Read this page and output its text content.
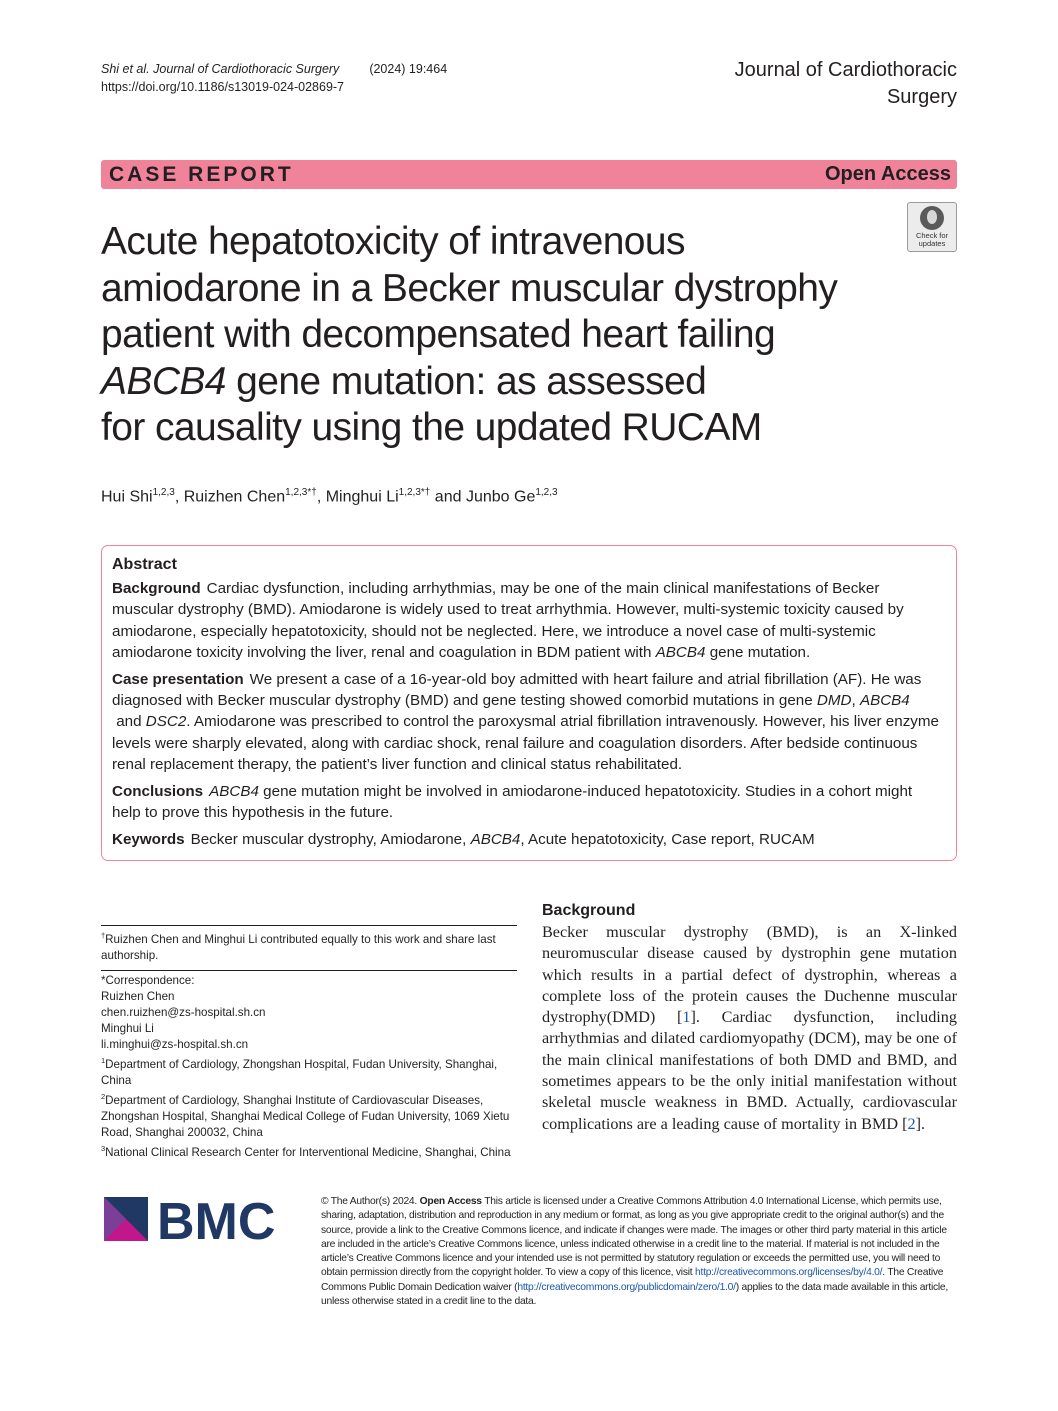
Shi et al. Journal of Cardiothoracic Surgery (2024) 19:464
https://doi.org/10.1186/s13019-024-02869-7
Journal of Cardiothoracic
Surgery
CASE REPORT	Open Access
Check for
updates
Acute hepatotoxicity of intravenous
amiodarone in a Becker muscular dystrophy
patient with decompensated heart failing
ABCB4 gene mutation: as assessed
for causality using the updated RUCAM
Hui Shi$^{1,2,3}$, Ruizhen Chen$^{1,2,3*\dagger}$, Minghui $Li^{1,2,3*\dagger}$ and Junbo Ge$^{1,2,3}$
Abstract

Background Cardiac dysfunction, including arrhythmias, may be one of the main clinical manifestations of Becker muscular dystrophy (BMD). Amiodarone is widely used to treat arrhythmia. However, multi-systemic toxicity caused by amiodarone, especially hepatotoxicity, should not be neglected. Here, we introduce a novel case of multi-systemic amiodarone toxicity involving the liver, renal and coagulation in BDM patient with ABCB4 gene mutation.

Case presentation We present a case of a 16-year-old boy admitted with heart failure and atrial fibrillation (AF). He was diagnosed with Becker muscular dystrophy (BMD) and gene testing showed comorbid mutations in gene DMD, ABCB4 and DSC2. Amiodarone was prescribed to control the paroxysmal atrial fibrillation intravenously. However, his liver enzyme levels were sharply elevated, along with cardiac shock, renal failure and coagulation disorders. After bedside continuous renal replacement therapy, the patient’s liver function and clinical status rehabilitated.

Conclusions ABCB4 gene mutation might be involved in amiodarone-induced hepatotoxicity. Studies in a cohort might help to prove this hypothesis in the future.

Keywords Becker muscular dystrophy, Amiodarone, ABCB4, Acute hepatotoxicity, Case report, RUCAM

†Ruizhen Chen and Minghui Li contributed equally to this work and share last authorship.
*Correspondence:
Ruizhen Chen
chen.ruizhen@zs-hospital.sh.cn
Minghui Li
li.minghui@zs-hospital.sh.cn
$^1$Department of Cardiology, Zhongshan Hospital, Fudan University, Shanghai, China
$^2$Department of Cardiology, Shanghai Institute of Cardiovascular Diseases, Zhongshan Hospital, Shanghai Medical College of Fudan University, 1069 Xietu Road, Shanghai 200032, China
$^3$National Clinical Research Center for Interventional Medicine, Shanghai, China
Background

Becker muscular dystrophy (BMD), is an X-linked neuromuscular disease caused by dystrophin gene mutation which results in a partial defect of dystrophin, whereas a complete loss of the protein causes the Duchenne muscular dystrophy(DMD) [1]. Cardiac dysfunction, including arrhythmias and dilated cardiomyopathy (DCM), may be one of the main clinical manifestations of both DMD and BMD, and sometimes appears to be the only initial manifestation without skeletal muscle weakness in BMD. Actually, cardiovascular complications are a leading cause of mortality in BMD [2].

BMC	© The Author(s) 2024. Open Access This article is licensed under a Creative Commons Attribution 4.0 International License, which permits use, sharing, adaptation, distribution and reproduction in any medium or format, as long as you give appropriate credit to the original author(s) and the source, provide a link to the Creative Commons licence, and indicate if changes were made. The images or other third party material in this article are included in the article’s Creative Commons licence, unless indicated otherwise in a credit line to the material. If material is not included in the article’s Creative Commons licence and your intended use is not permitted by statutory regulation or exceeds the permitted use, you will need to obtain permission directly from the copyright holder. To view a copy of this licence, visit http://creativecommons.org/licenses/by/4.0/. The Creative Commons Public Domain Dedication waiver (http://creativecommons.org/publicdomain/zero/1.0/) applies to the data made available in this article, unless otherwise stated in a credit line to the data.
